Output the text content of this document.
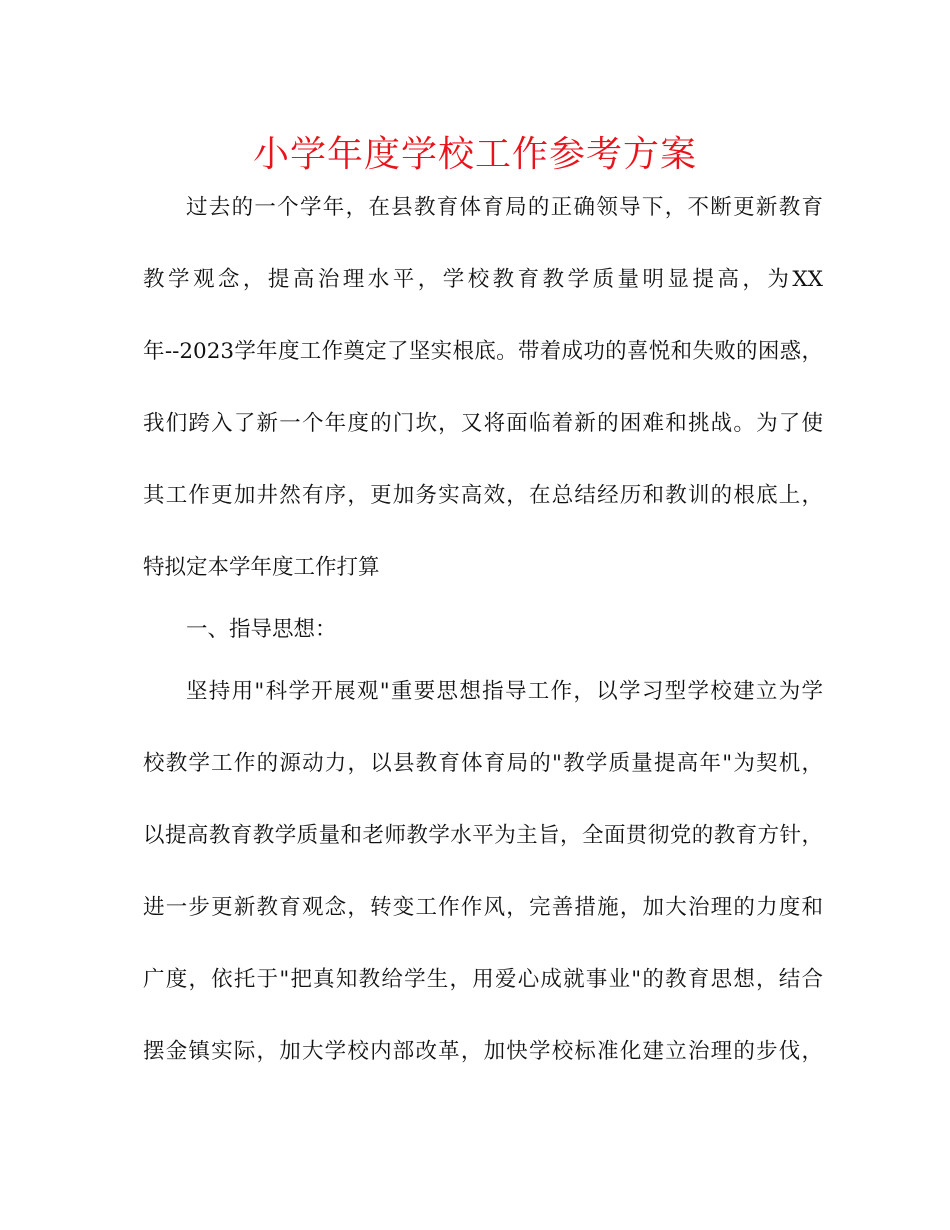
小学年度学校工作参考方案
过去的一个学年，在县教育体育局的正确领导下，不断更新教育
教学观念，提高治理水平，学校教育教学质量明显提高，为XX
年--2023学年度工作奠定了坚实根底。带着成功的喜悦和失败的困惑，
我们跨入了新一个年度的门坎，又将面临着新的困难和挑战。为了使
其工作更加井然有序，更加务实高效，在总结经历和教训的根底上，
特拟定本学年度工作打算
一、指导思想：
坚持用"科学开展观"重要思想指导工作，以学习型学校建立为学
校教学工作的源动力，以县教育体育局的"教学质量提高年"为契机，
以提高教育教学质量和老师教学水平为主旨，全面贯彻党的教育方针，
进一步更新教育观念，转变工作作风，完善措施，加大治理的力度和
广度，依托于"把真知教给学生，用爱心成就事业"的教育思想，结合
摆金镇实际，加大学校内部改革，加快学校标准化建立治理的步伐，
